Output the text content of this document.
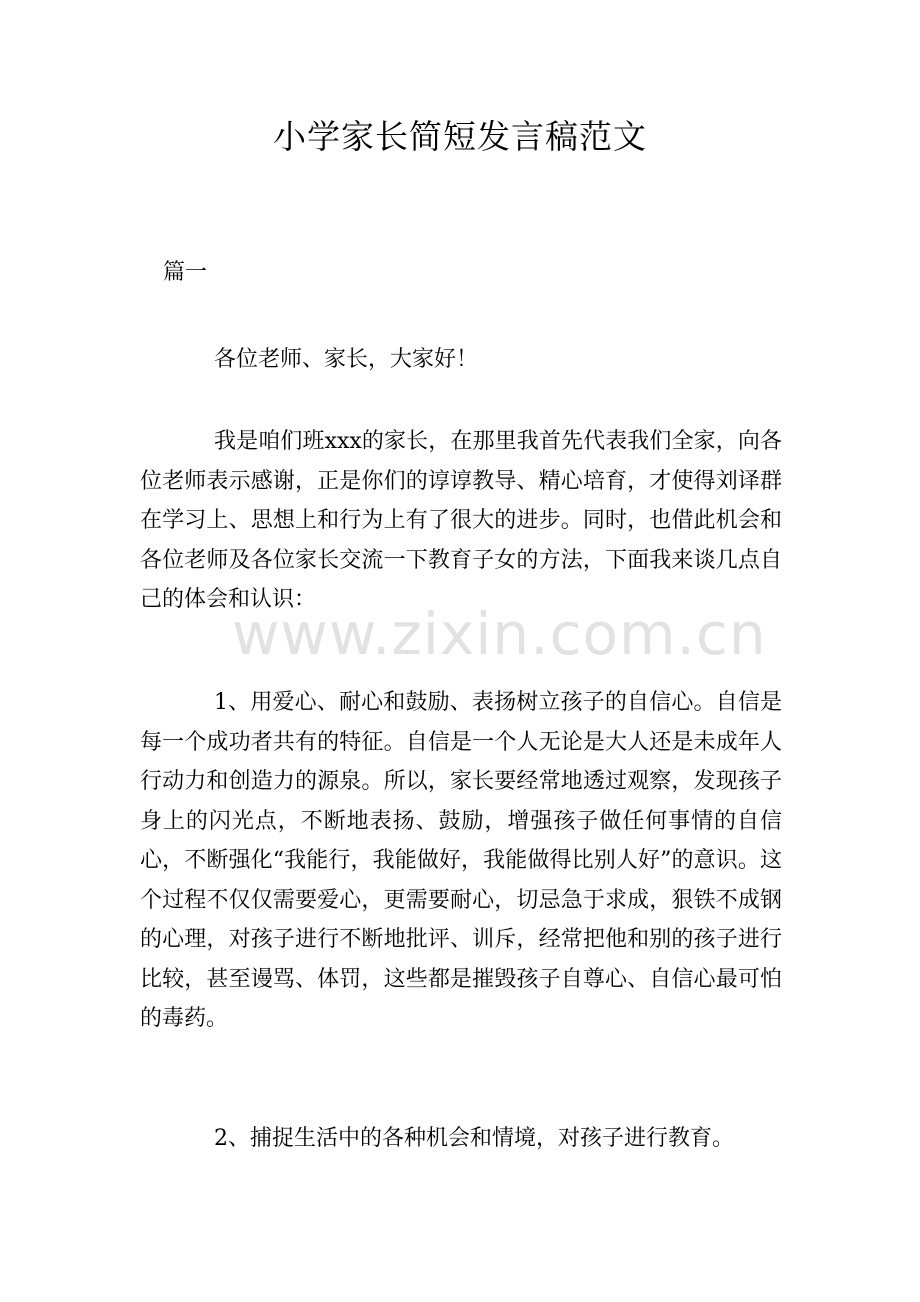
www.zixin.com.cn
小学家长简短发言稿范文
篇一
各位老师、家长，大家好！

我是咱们班xxx的家长，在那里我首先代表我们全家，向各位老师表示感谢，正是你们的谆谆教导、精心培育，才使得刘译群在学习上、思想上和行为上有了很大的进步。同时，也借此机会和各位老师及各位家长交流一下教育子女的方法，下面我来谈几点自己的体会和认识：

1、用爱心、耐心和鼓励、表扬树立孩子的自信心。自信是每一个成功者共有的特征。自信是一个人无论是大人还是未成年人行动力和创造力的源泉。所以，家长要经常地透过观察，发现孩子身上的闪光点，不断地表扬、鼓励，增强孩子做任何事情的自信心，不断强化“我能行，我能做好，我能做得比别人好”的意识。这个过程不仅仅需要爱心，更需要耐心，切忌急于求成，狠铁不成钢的心理，对孩子进行不断地批评、训斥，经常把他和别的孩子进行比较，甚至谩骂、体罚，这些都是摧毁孩子自尊心、自信心最可怕的毒药。

2、捕捉生活中的各种机会和情境，对孩子进行教育。
